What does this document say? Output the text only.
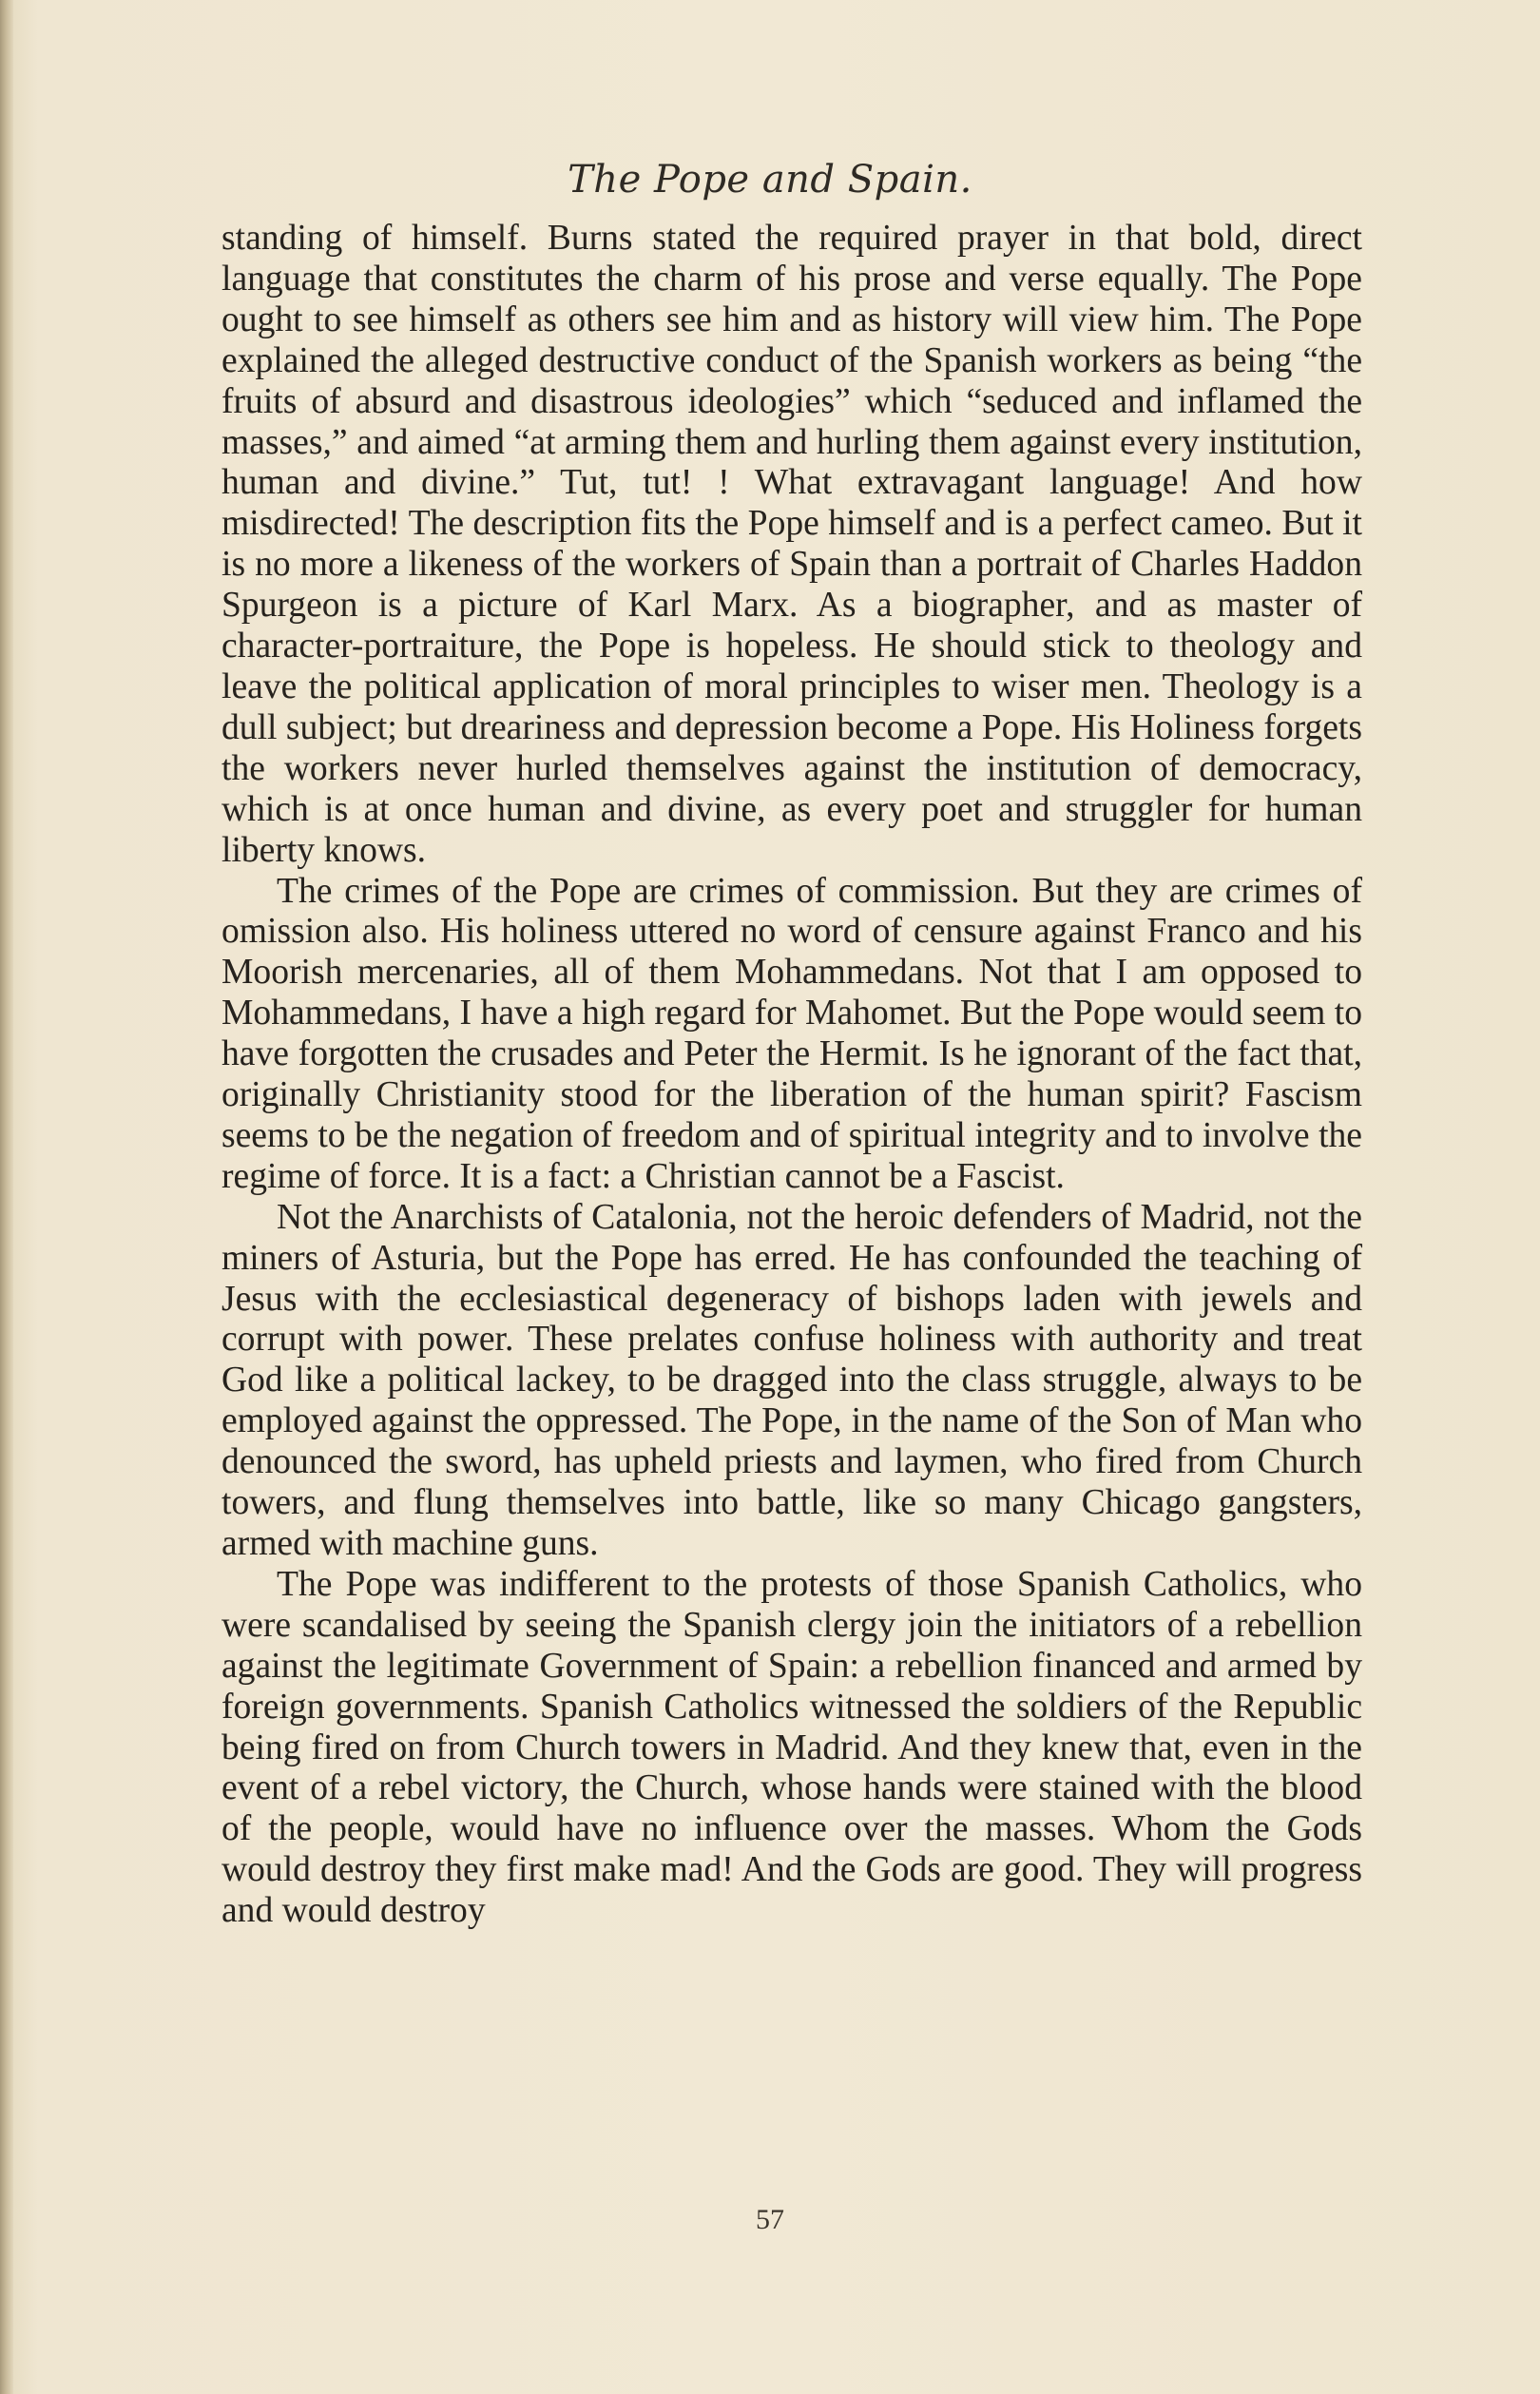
The Pope and Spain.

standing of himself. Burns stated the required prayer in that bold, direct language that constitutes the charm of his prose and verse equally. The Pope ought to see himself as others see him and as history will view him. The Pope explained the alleged destructive conduct of the Spanish workers as being “the fruits of absurd and disastrous ideologies” which “seduced and inflamed the masses,” and aimed “at arming them and hurling them against every institution, human and divine.” Tut, tut! ! What extravagant language! And how misdirected! The description fits the Pope himself and is a perfect cameo. But it is no more a likeness of the workers of Spain than a portrait of Charles Haddon Spurgeon is a picture of Karl Marx. As a biographer, and as master of character-portraiture, the Pope is hopeless. He should stick to theology and leave the political application of moral principles to wiser men. Theology is a dull subject; but dreariness and depression become a Pope. His Holiness forgets the workers never hurled themselves against the institution of democracy, which is at once human and divine, as every poet and struggler for human liberty knows.

The crimes of the Pope are crimes of commission. But they are crimes of omission also. His holiness uttered no word of censure against Franco and his Moorish mercenaries, all of them Mohammedans. Not that I am opposed to Mohammedans, I have a high regard for Mahomet. But the Pope would seem to have forgotten the crusades and Peter the Hermit. Is he ignorant of the fact that, originally Christianity stood for the liberation of the human spirit? Fascism seems to be the negation of freedom and of spiritual integrity and to involve the regime of force. It is a fact: a Christian cannot be a Fascist.

Not the Anarchists of Catalonia, not the heroic defenders of Madrid, not the miners of Asturia, but the Pope has erred. He has confounded the teaching of Jesus with the ecclesiastical degeneracy of bishops laden with jewels and corrupt with power. These prelates confuse holiness with authority and treat God like a political lackey, to be dragged into the class struggle, always to be employed against the oppressed. The Pope, in the name of the Son of Man who denounced the sword, has upheld priests and laymen, who fired from Church towers, and flung themselves into battle, like so many Chicago gangsters, armed with machine guns.

The Pope was indifferent to the protests of those Spanish Catholics, who were scandalised by seeing the Spanish clergy join the initiators of a rebellion against the legitimate Government of Spain: a rebellion financed and armed by foreign governments. Spanish Catholics witnessed the soldiers of the Republic being fired on from Church towers in Madrid. And they knew that, even in the event of a rebel victory, the Church, whose hands were stained with the blood of the people, would have no influence over the masses. Whom the Gods would destroy they first make mad! And the Gods are good. They will progress and would destroy

57
